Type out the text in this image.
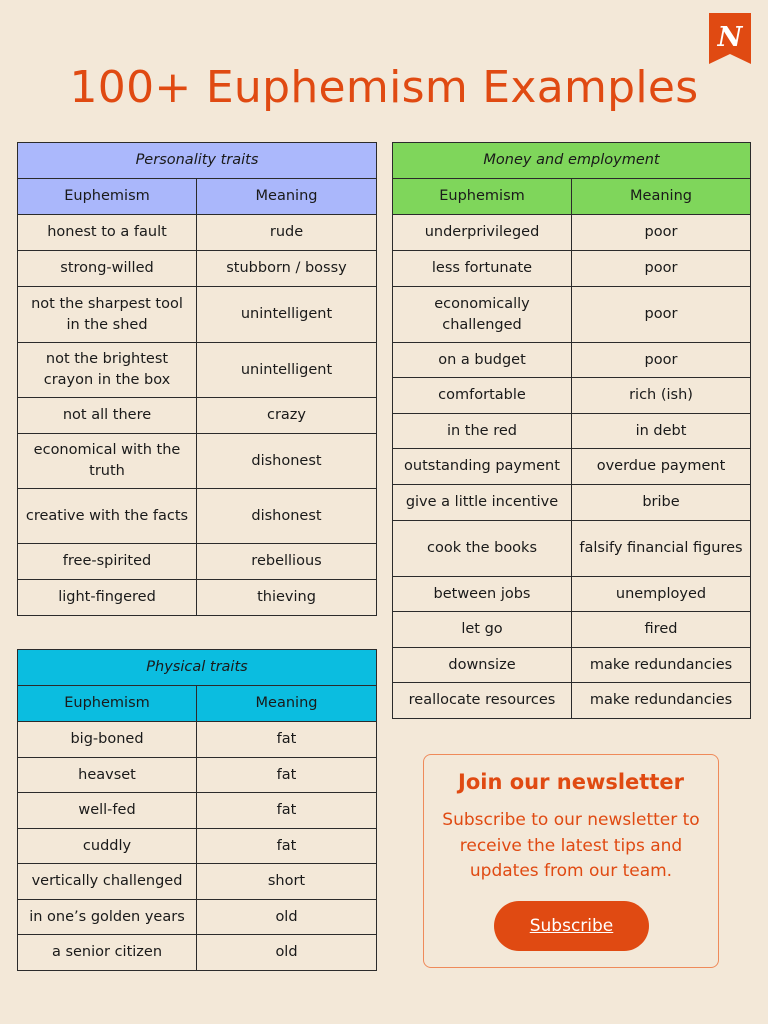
N
100+ Euphemism Examples
Personality traits	
Euphemism	Meaning
honest to a fault	rude
strong-willed	stubborn / bossy
not the sharpest tool in the shed	unintelligent
not the brightest crayon in the box	unintelligent
not all there	crazy
economical with the truth	dishonest
creative with the facts	dishonest
free-spirited	rebellious
light-fingered	thieving
Money and employment	
Euphemism	Meaning
underprivileged	poor
less fortunate	poor
economically challenged	poor
on a budget	poor
comfortable	rich (ish)
in the red	in debt
outstanding payment	overdue payment
give a little incentive	bribe
cook the books	falsify financial figures
between jobs	unemployed
let go	fired
downsize	make redundancies
reallocate resources	make redundancies
Physical traits	
Euphemism	Meaning
big-boned	fat
heavset	fat
well-fed	fat
cuddly	fat
vertically challenged	short
in one’s golden years	old
a senior citizen	old
Join our newsletter
Subscribe to our newsletter to receive the latest tips and updates from our team.
Subscribe
